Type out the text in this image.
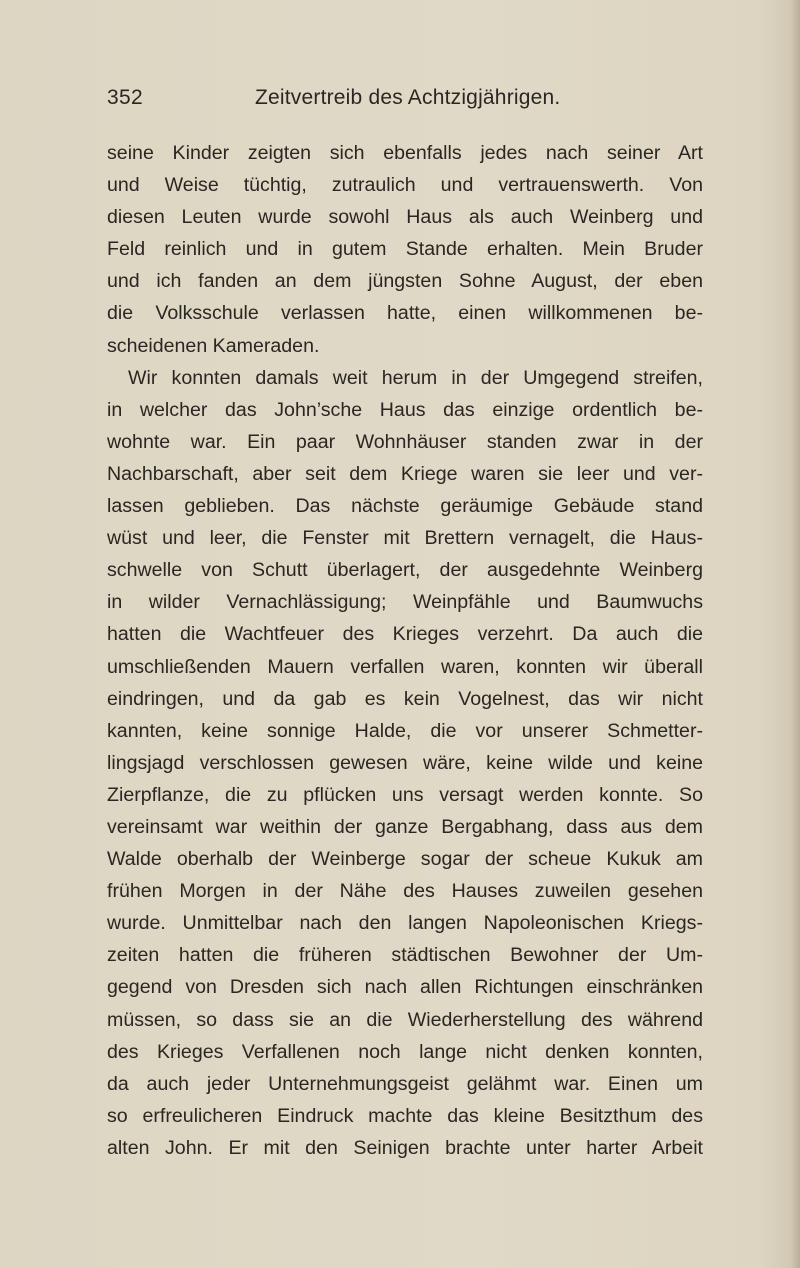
352	Zeitvertreib des Achtzigjährigen.
seine Kinder zeigten sich ebenfalls jedes nach seiner Art
und Weise tüchtig, zutraulich und vertrauenswerth. Von
diesen Leuten wurde sowohl Haus als auch Weinberg und
Feld reinlich und in gutem Stande erhalten. Mein Bruder
und ich fanden an dem jüngsten Sohne August, der eben
die Volksschule verlassen hatte, einen willkommenen be-
scheidenen Kameraden.
Wir konnten damals weit herum in der Umgegend streifen,
in welcher das John’sche Haus das einzige ordentlich be-
wohnte war. Ein paar Wohnhäuser standen zwar in der
Nachbarschaft, aber seit dem Kriege waren sie leer und ver-
lassen geblieben. Das nächste geräumige Gebäude stand
wüst und leer, die Fenster mit Brettern vernagelt, die Haus-
schwelle von Schutt überlagert, der ausgedehnte Weinberg
in wilder Vernachlässigung; Weinpfähle und Baumwuchs
hatten die Wachtfeuer des Krieges verzehrt. Da auch die
umschließenden Mauern verfallen waren, konnten wir überall
eindringen, und da gab es kein Vogelnest, das wir nicht
kannten, keine sonnige Halde, die vor unserer Schmetter-
lingsjagd verschlossen gewesen wäre, keine wilde und keine
Zierpflanze, die zu pflücken uns versagt werden konnte. So
vereinsamt war weithin der ganze Bergabhang, dass aus dem
Walde oberhalb der Weinberge sogar der scheue Kukuk am
frühen Morgen in der Nähe des Hauses zuweilen gesehen
wurde. Unmittelbar nach den langen Napoleonischen Kriegs-
zeiten hatten die früheren städtischen Bewohner der Um-
gegend von Dresden sich nach allen Richtungen einschränken
müssen, so dass sie an die Wiederherstellung des während
des Krieges Verfallenen noch lange nicht denken konnten,
da auch jeder Unternehmungsgeist gelähmt war. Einen um
so erfreulicheren Eindruck machte das kleine Besitzthum des
alten John. Er mit den Seinigen brachte unter harter Arbeit
